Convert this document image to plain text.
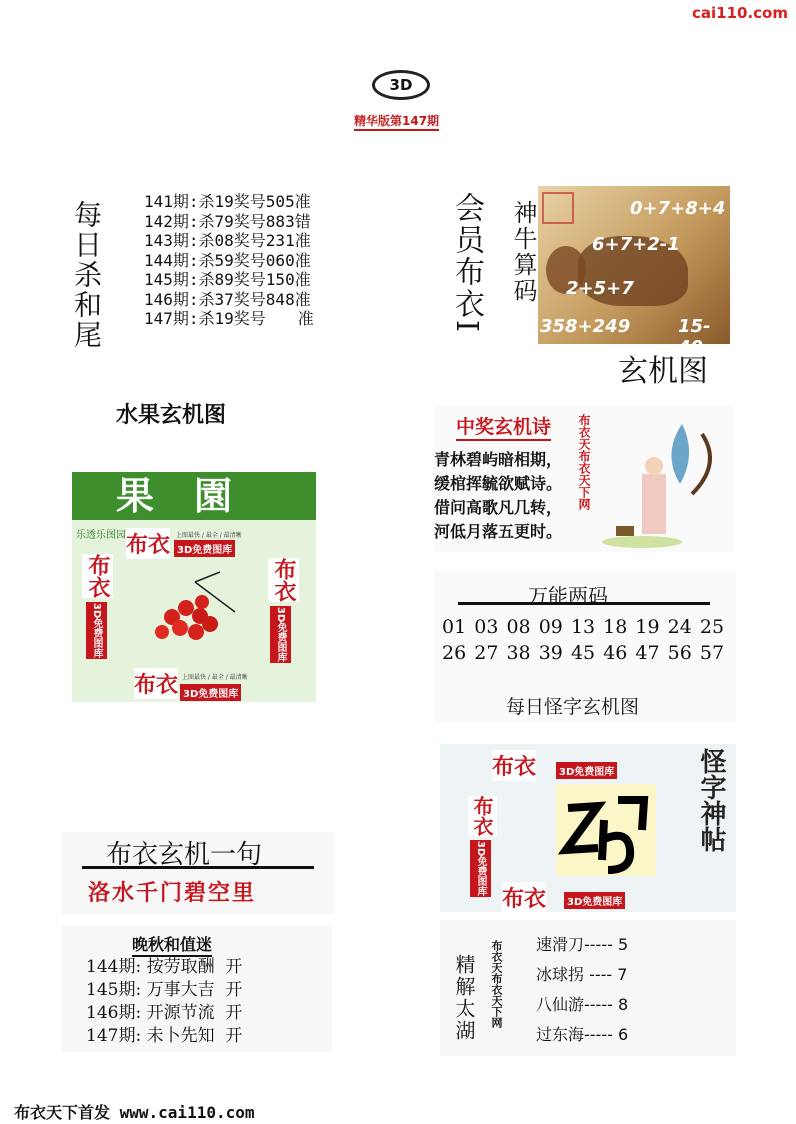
cai110.com
3D
精华版第147期
每日杀和尾	141期:杀19奖号505准
142期:杀79奖号883错
143期:杀08奖号231准
144期:杀59奖号060准
145期:杀89奖号150准
146期:杀37奖号848准
147期:杀19奖号　　准	会员布衣I 神牛算码	0+7+8+4
6+7+2-1
2+5+7
358+249	15-40
玄机图
水果玄机图
果園
乐透乐图园 布衣 3D免费图库
上图最快 / 最全 / 最清晰
布衣
3D免费图库
布衣
3D免费图库
布衣 3D免费图库
上图最快 / 最全 / 最清晰
中奖玄机诗
青林碧屿暗相期，
缓棺挥毓欲赋诗。
借问高歌凡几转，
河低月落五更时。
布衣天布衣天下网
万能两码
01 03 08 09 13 18 19 24 25
26 27 38 39 45 46 47 56 57
每日怪字玄机图
布衣	3D免费图库
布衣
3D免费图库
布衣	3D免费图库
怪字神帖
布衣玄机一句
洛水千门碧空里
晚秋和值迷
144期: 按劳取酬 开
145期: 万事大吉 开
146期: 开源节流 开
147期: 未卜先知 开	精解太湖 布衣天布衣天下网 速滑刀----- 5
冰球拐 ---- 7
八仙游----- 8
过东海----- 6
布衣天下首发 www.cai110.com
